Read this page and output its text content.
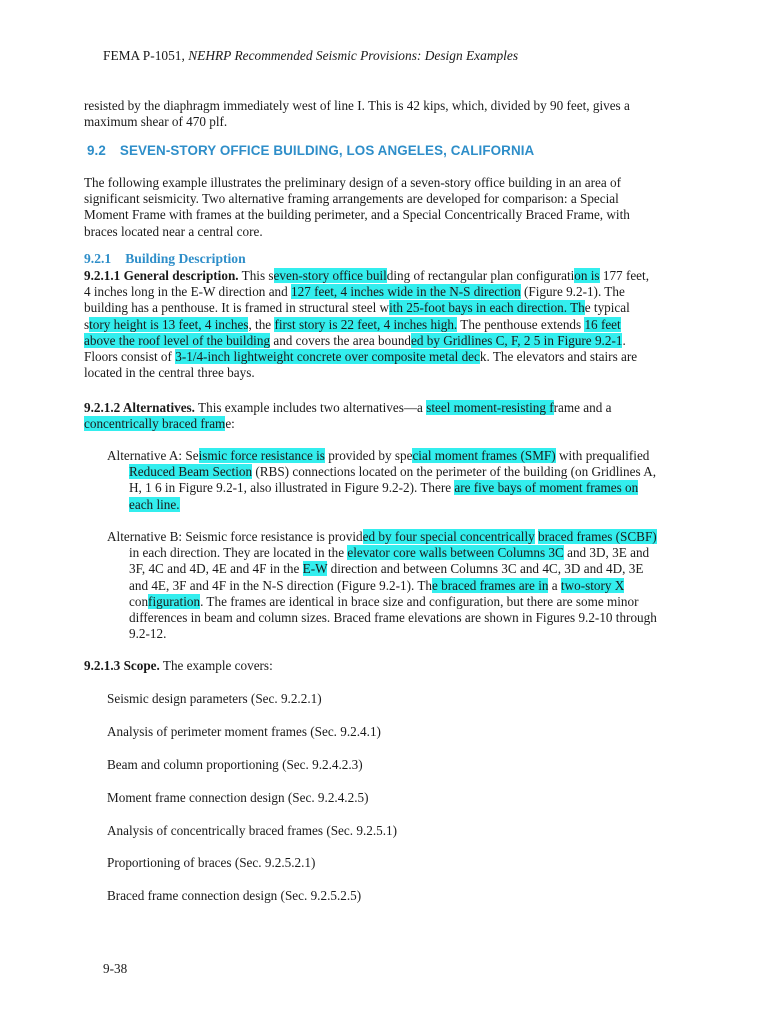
FEMA P-1051, NEHRP Recommended Seismic Provisions: Design Examples
resisted by the diaphragm immediately west of line I. This is 42 kips, which, divided by 90 feet, gives a
maximum shear of 470 plf.
9.2 SEVEN-STORY OFFICE BUILDING, LOS ANGELES, CALIFORNIA
The following example illustrates the preliminary design of a seven-story office building in an area of
significant seismicity. Two alternative framing arrangements are developed for comparison: a Special
Moment Frame with frames at the building perimeter, and a Special Concentrically Braced Frame, with
braces located near a central core.
9.2.1 Building Description
9.2.1.1 General description. This seven-story office building of rectangular plan configuration is 177 feet,
4 inches long in the E-W direction and 127 feet, 4 inches wide in the N-S direction (Figure 9.2-1). The
building has a penthouse. It is framed in structural steel with 25-foot bays in each direction. The typical
story height is 13 feet, 4 inches, the first story is 22 feet, 4 inches high. The penthouse extends 16 feet
above the roof level of the building and covers the area bounded by Gridlines C, F, 2 5 in Figure 9.2-1.
Floors consist of 3-1/4-inch lightweight concrete over composite metal deck. The elevators and stairs are
located in the central three bays.
9.2.1.2 Alternatives. This example includes two alternatives—a steel moment-resisting frame and a
concentrically braced frame:
Alternative A: Seismic force resistance is provided by special moment frames (SMF) with prequalified
Reduced Beam Section (RBS) connections located on the perimeter of the building (on Gridlines A,
H, 1 6 in Figure 9.2-1, also illustrated in Figure 9.2-2). There are five bays of moment frames on
each line.
Alternative B: Seismic force resistance is provided by four special concentrically braced frames (SCBF)
in each direction. They are located in the elevator core walls between Columns 3C and 3D, 3E and
3F, 4C and 4D, 4E and 4F in the E-W direction and between Columns 3C and 4C, 3D and 4D, 3E
and 4E, 3F and 4F in the N-S direction (Figure 9.2-1). The braced frames are in a two-story X
configuration. The frames are identical in brace size and configuration, but there are some minor
differences in beam and column sizes. Braced frame elevations are shown in Figures 9.2-10 through
9.2-12.
9.2.1.3 Scope. The example covers:
Seismic design parameters (Sec. 9.2.2.1)
Analysis of perimeter moment frames (Sec. 9.2.4.1)
Beam and column proportioning (Sec. 9.2.4.2.3)
Moment frame connection design (Sec. 9.2.4.2.5)
Analysis of concentrically braced frames (Sec. 9.2.5.1)
Proportioning of braces (Sec. 9.2.5.2.1)
Braced frame connection design (Sec. 9.2.5.2.5)
9-38
